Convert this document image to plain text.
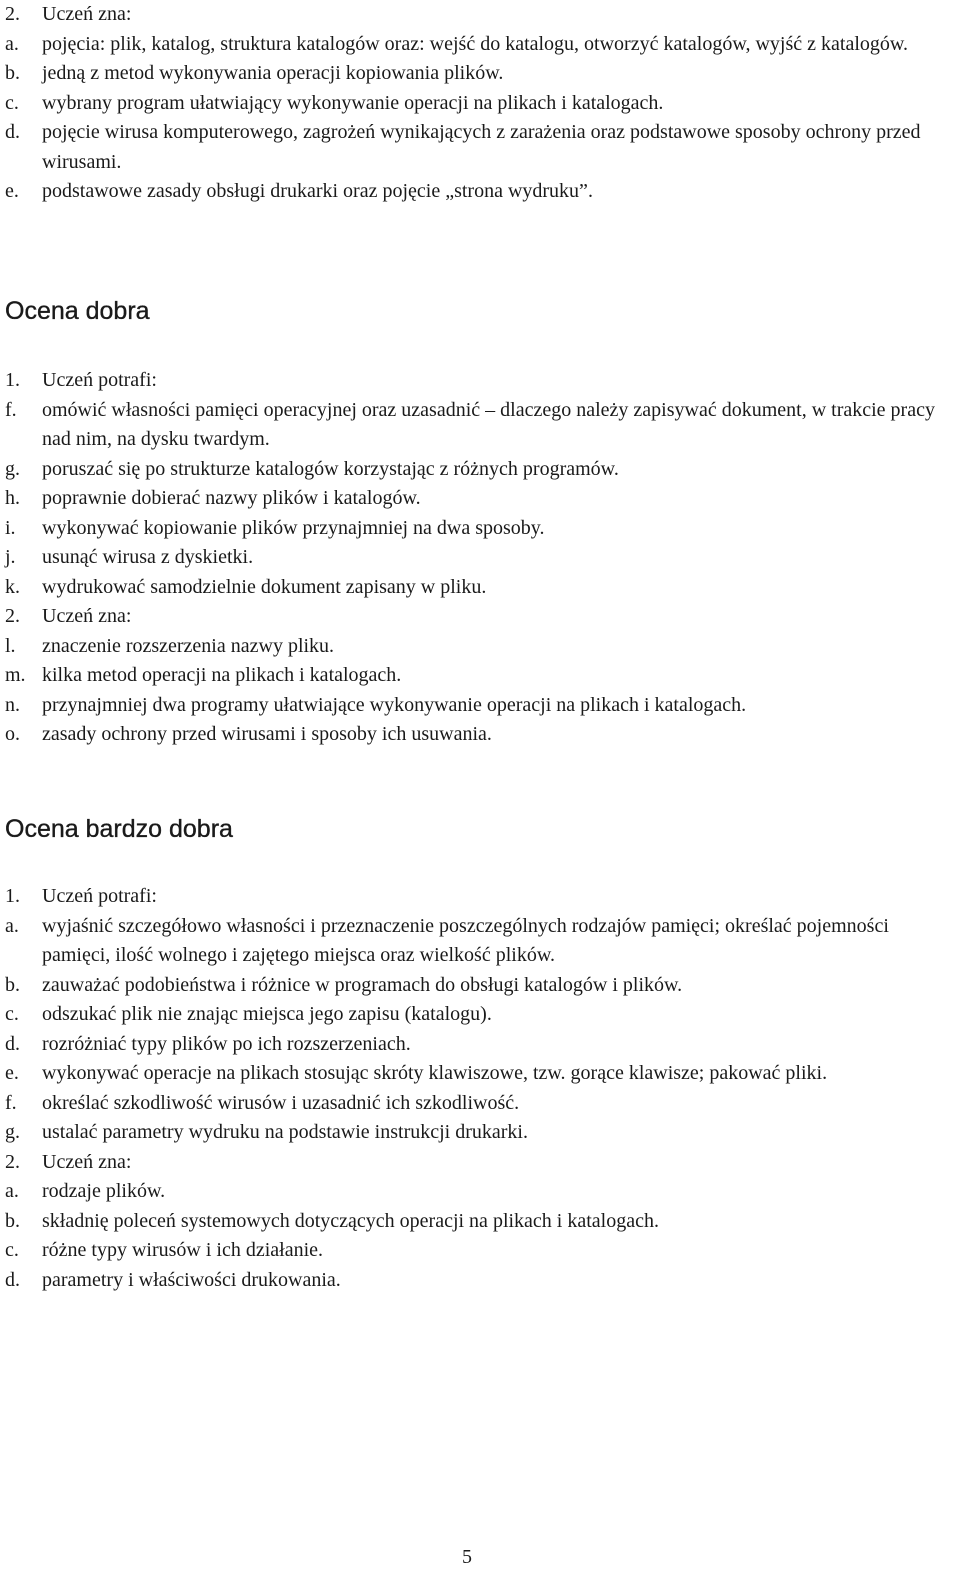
2.	Uczeń zna:
a.	pojęcia: plik, katalog, struktura katalogów oraz: wejść do katalogu, otworzyć katalogów, wyjść z katalogów.
b.	jedną z metod wykonywania operacji kopiowania plików.
c.	wybrany program ułatwiający wykonywanie operacji na plikach i katalogach.
d.	pojęcie wirusa komputerowego, zagrożeń wynikających z zarażenia oraz podstawowe sposoby ochrony przed wirusami.
e.	podstawowe zasady obsługi drukarki oraz pojęcie „strona wydruku”.
Ocena dobra
1.	Uczeń potrafi:
f.	omówić własności pamięci operacyjnej oraz uzasadnić – dlaczego należy zapisywać dokument, w trakcie pracy nad nim, na dysku twardym.
g.	poruszać się po strukturze katalogów korzystając z różnych programów.
h.	poprawnie dobierać nazwy plików i katalogów.
i.	wykonywać kopiowanie plików przynajmniej na dwa sposoby.
j.	usunąć wirusa z dyskietki.
k.	wydrukować samodzielnie dokument zapisany w pliku.
2.	Uczeń zna:
l.	znaczenie rozszerzenia nazwy pliku.
m. kilka metod operacji na plikach i katalogach.
n.	przynajmniej dwa programy ułatwiające wykonywanie operacji na plikach i katalogach.
o.	zasady ochrony przed wirusami i sposoby ich usuwania.
Ocena bardzo dobra
1.	Uczeń potrafi:
a.	wyjaśnić szczegółowo własności i przeznaczenie poszczególnych rodzajów pamięci; określać pojemności pamięci, ilość wolnego i zajętego miejsca oraz wielkość plików.
b.	zauważać podobieństwa i różnice w programach do obsługi katalogów i plików.
c.	odszukać plik nie znając miejsca jego zapisu (katalogu).
d.	rozróżniać typy plików po ich rozszerzeniach.
e.	wykonywać operacje na plikach stosując skróty klawiszowe, tzw. gorące klawisze; pakować pliki.
f.	określać szkodliwość wirusów i uzasadnić ich szkodliwość.
g.	ustalać parametry wydruku na podstawie instrukcji drukarki.
2.	Uczeń zna:
a.	rodzaje plików.
b.	składnię poleceń systemowych dotyczących operacji na plikach i katalogach.
c.	różne typy wirusów i ich działanie.
d.	parametry i właściwości drukowania.
5
